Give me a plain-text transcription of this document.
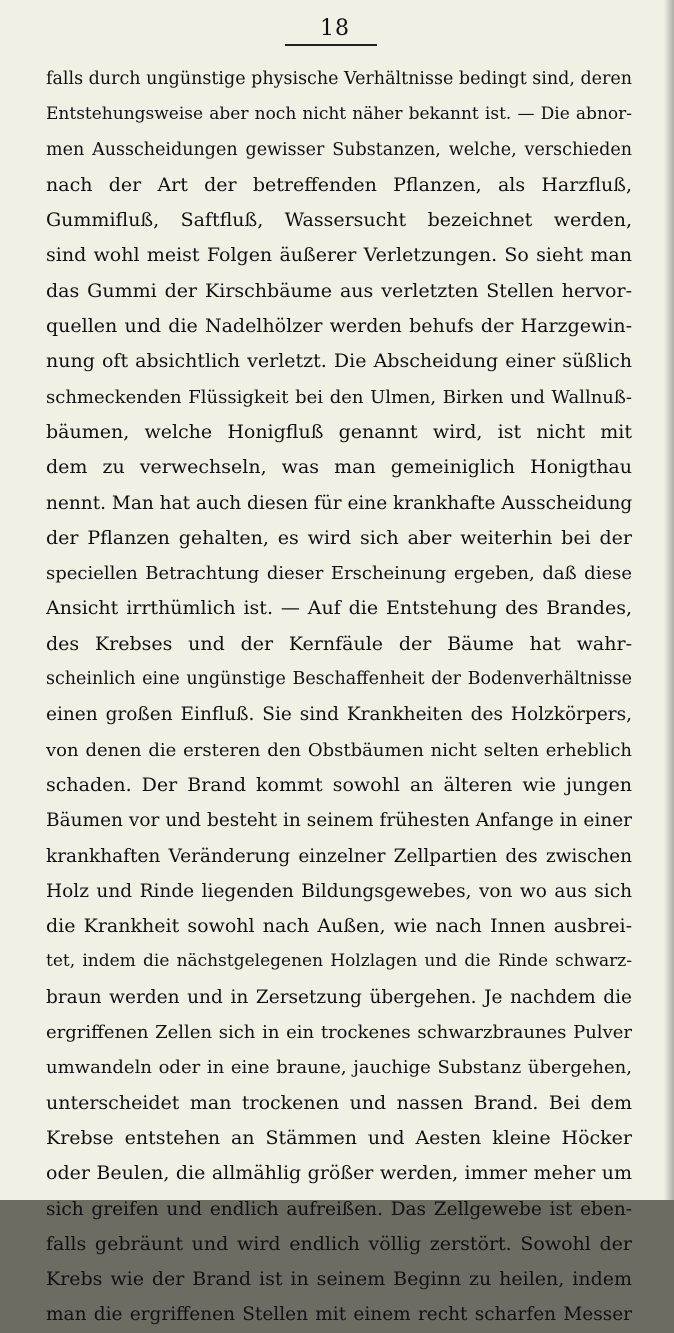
18
falls durch ungünstige physische Verhältnisse bedingt sind, deren
Entstehungsweise aber noch nicht näher bekannt ist. — Die abnor-
men Ausscheidungen gewisser Substanzen, welche, verschieden
nach der Art der betreffenden Pflanzen, als Harzfluß,
Gummifluß, Saftfluß, Wassersucht bezeichnet werden,
sind wohl meist Folgen äußerer Verletzungen. So sieht man
das Gummi der Kirschbäume aus verletzten Stellen hervor-
quellen und die Nadelhölzer werden behufs der Harzgewin-
nung oft absichtlich verletzt. Die Abscheidung einer süßlich
schmeckenden Flüssigkeit bei den Ulmen, Birken und Wallnuß-
bäumen, welche Honigfluß genannt wird, ist nicht mit
dem zu verwechseln, was man gemeiniglich Honigthau
nennt. Man hat auch diesen für eine krankhafte Ausscheidung
der Pflanzen gehalten, es wird sich aber weiterhin bei der
speciellen Betrachtung dieser Erscheinung ergeben, daß diese
Ansicht irrthümlich ist. — Auf die Entstehung des Brandes,
des Krebses und der Kernfäule der Bäume hat wahr-
scheinlich eine ungünstige Beschaffenheit der Bodenverhältnisse
einen großen Einfluß. Sie sind Krankheiten des Holzkörpers,
von denen die ersteren den Obstbäumen nicht selten erheblich
schaden. Der Brand kommt sowohl an älteren wie jungen
Bäumen vor und besteht in seinem frühesten Anfange in einer
krankhaften Veränderung einzelner Zellpartien des zwischen
Holz und Rinde liegenden Bildungsgewebes, von wo aus sich
die Krankheit sowohl nach Außen, wie nach Innen ausbrei-
tet, indem die nächstgelegenen Holzlagen und die Rinde schwarz-
braun werden und in Zersetzung übergehen. Je nachdem die
ergriffenen Zellen sich in ein trockenes schwarzbraunes Pulver
umwandeln oder in eine braune, jauchige Substanz übergehen,
unterscheidet man trockenen und nassen Brand. Bei dem
Krebse entstehen an Stämmen und Aesten kleine Höcker
oder Beulen, die allmählig größer werden, immer meher um
sich greifen und endlich aufreißen. Das Zellgewebe ist eben-
falls gebräunt und wird endlich völlig zerstört. Sowohl der
Krebs wie der Brand ist in seinem Beginn zu heilen, indem
man die ergriffenen Stellen mit einem recht scharfen Messer
